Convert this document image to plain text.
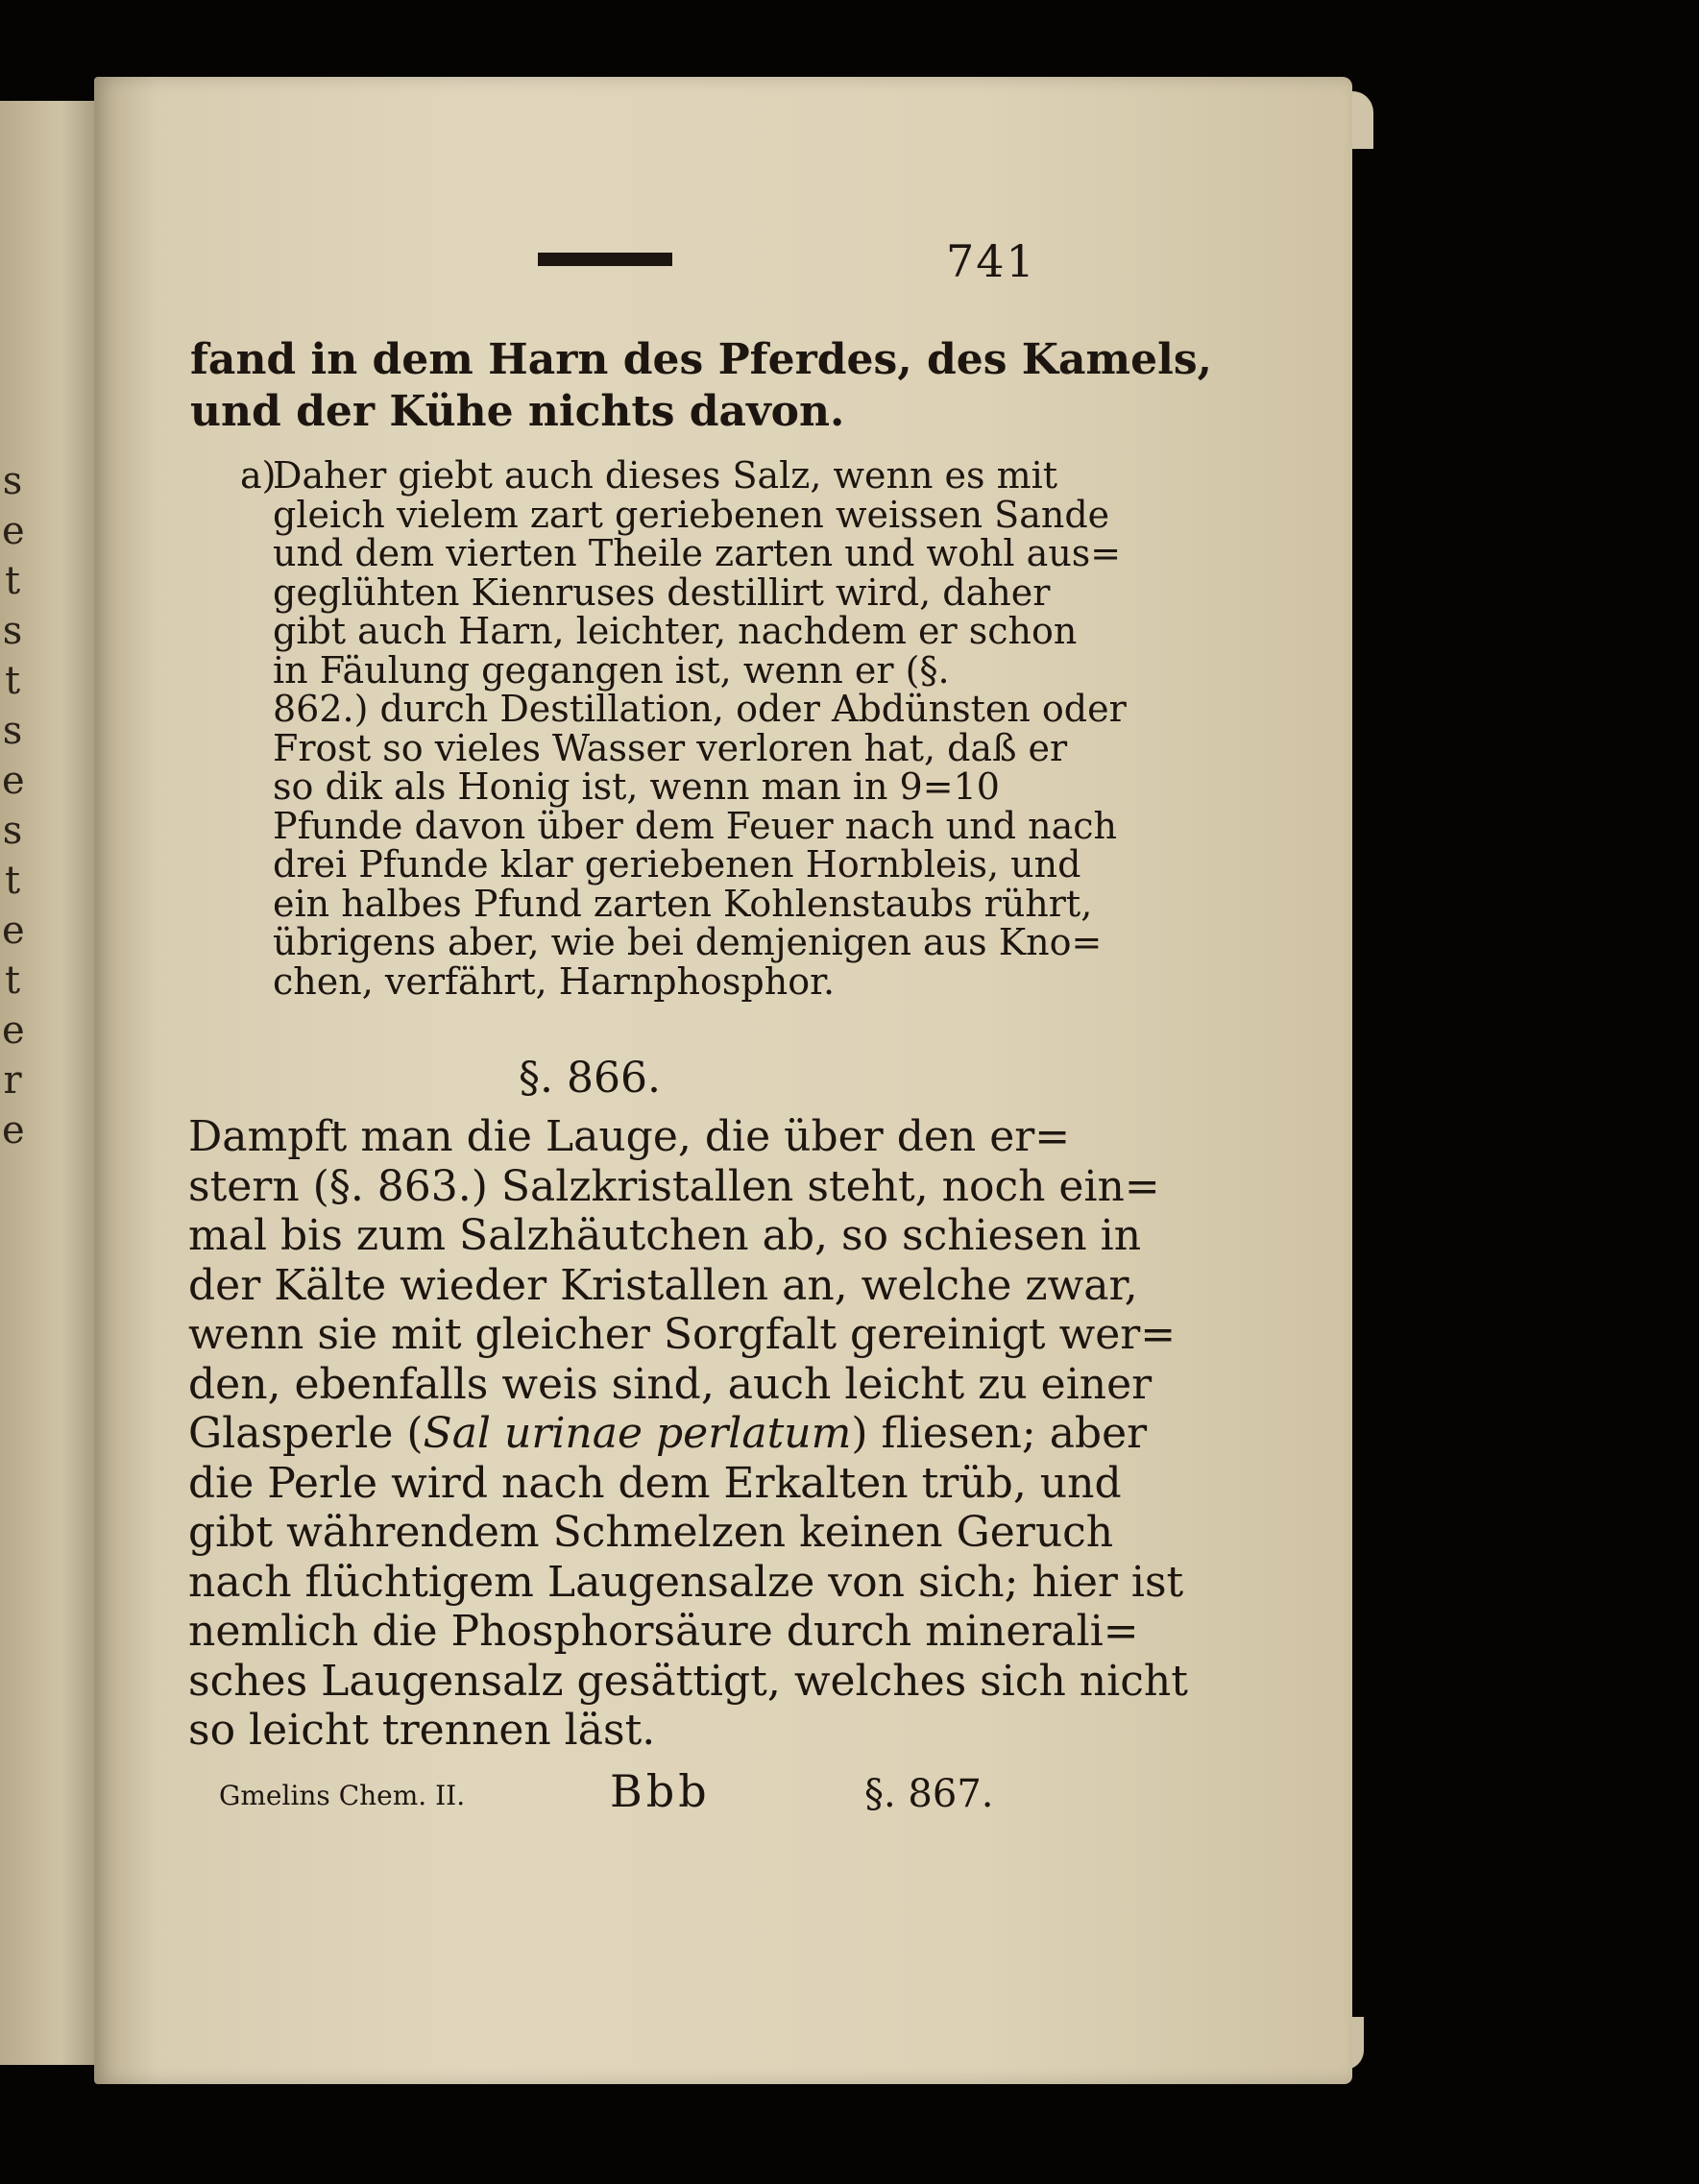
s
e
t
s
t
s
e
s
t
e
t
e
r
e
741
fand in dem Harn des Pferdes, des Kamels,
und der Kühe nichts davon.
a)
Daher giebt auch dieses Salz, wenn es mit
gleich vielem zart geriebenen weissen Sande
und dem vierten Theile zarten und wohl aus=
geglühten Kienruses destillirt wird, daher
gibt auch Harn, leichter, nachdem er schon
in Fäulung gegangen ist, wenn er (§.
862.) durch Destillation, oder Abdünsten oder
Frost so vieles Wasser verloren hat, daß er
so dik als Honig ist, wenn man in 9=10
Pfunde davon über dem Feuer nach und nach
drei Pfunde klar geriebenen Hornbleis, und
ein halbes Pfund zarten Kohlenstaubs rührt,
übrigens aber, wie bei demjenigen aus Kno=
chen, verfährt, Harnphosphor.
§. 866.
Dampft man die Lauge, die über den er=
stern (§. 863.) Salzkristallen steht, noch ein=
mal bis zum Salzhäutchen ab, so schiesen in
der Kälte wieder Kristallen an, welche zwar,
wenn sie mit gleicher Sorgfalt gereinigt wer=
den, ebenfalls weis sind, auch leicht zu einer
Glasperle (Sal urinae perlatum) fliesen; aber
die Perle wird nach dem Erkalten trüb, und
gibt währendem Schmelzen keinen Geruch
nach flüchtigem Laugensalze von sich; hier ist
nemlich die Phosphorsäure durch minerali=
sches Laugensalz gesättigt, welches sich nicht
so leicht trennen läst.
Gmelins Chem. II.	Bbb	§. 867.
